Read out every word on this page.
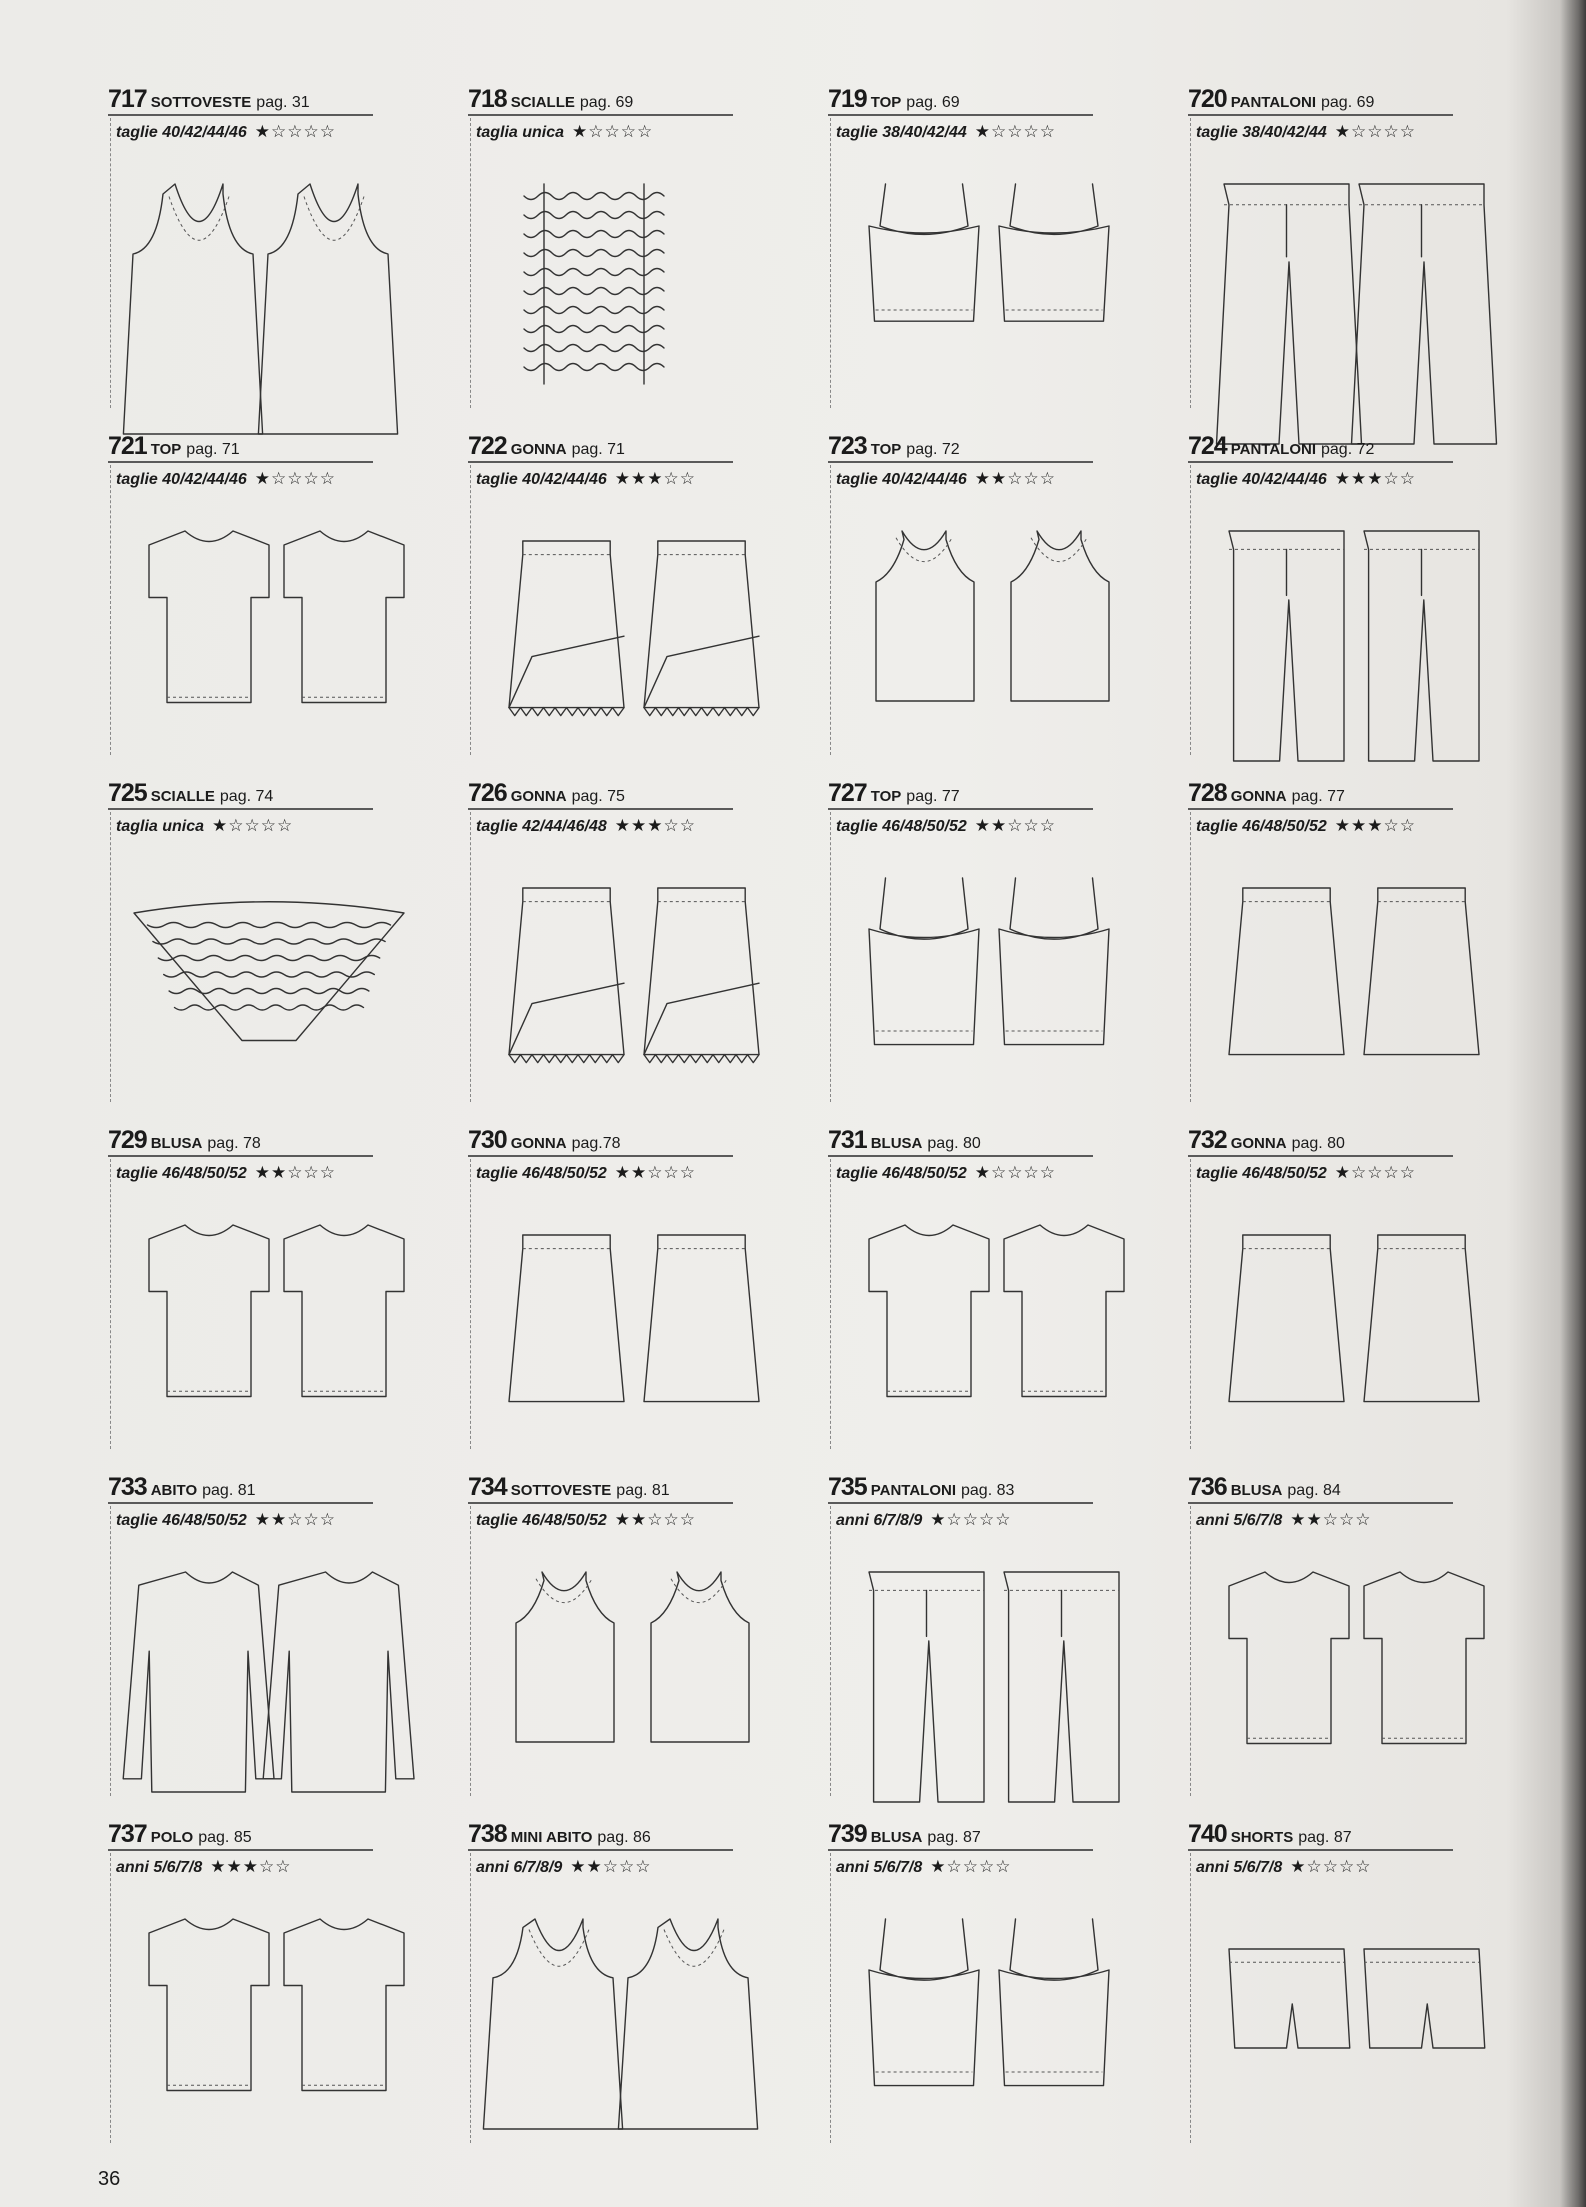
717 SOTTOVESTE pag. 31
taglie 40/42/44/46 ★☆☆☆☆
718 SCIALLE pag. 69
taglia unica ★☆☆☆☆
719 TOP pag. 69
taglie 38/40/42/44 ★☆☆☆☆
720 PANTALONI pag. 69
taglie 38/40/42/44 ★☆☆☆☆
721 TOP pag. 71
taglie 40/42/44/46 ★☆☆☆☆
722 GONNA pag. 71
taglie 40/42/44/46 ★★★☆☆
723 TOP pag. 72
taglie 40/42/44/46 ★★☆☆☆
724 PANTALONI pag. 72
taglie 40/42/44/46 ★★★☆☆
725 SCIALLE pag. 74
taglia unica ★☆☆☆☆
726 GONNA pag. 75
taglie 42/44/46/48 ★★★☆☆
727 TOP pag. 77
taglie 46/48/50/52 ★★☆☆☆
728 GONNA pag. 77
taglie 46/48/50/52 ★★★☆☆
729 BLUSA pag. 78
taglie 46/48/50/52 ★★☆☆☆
730 GONNA pag.78
taglie 46/48/50/52 ★★☆☆☆
731 BLUSA pag. 80
taglie 46/48/50/52 ★☆☆☆☆
732 GONNA pag. 80
taglie 46/48/50/52 ★☆☆☆☆
733 ABITO pag. 81
taglie 46/48/50/52 ★★☆☆☆
734 SOTTOVESTE pag. 81
taglie 46/48/50/52 ★★☆☆☆
735 PANTALONI pag. 83
anni 6/7/8/9 ★☆☆☆☆
736 BLUSA pag. 84
anni 5/6/7/8 ★★☆☆☆
737 POLO pag. 85
anni 5/6/7/8 ★★★☆☆
738 MINI ABITO pag. 86
anni 6/7/8/9 ★★☆☆☆
739 BLUSA pag. 87
anni 5/6/7/8 ★☆☆☆☆
740 SHORTS pag. 87
anni 5/6/7/8 ★☆☆☆☆
36
